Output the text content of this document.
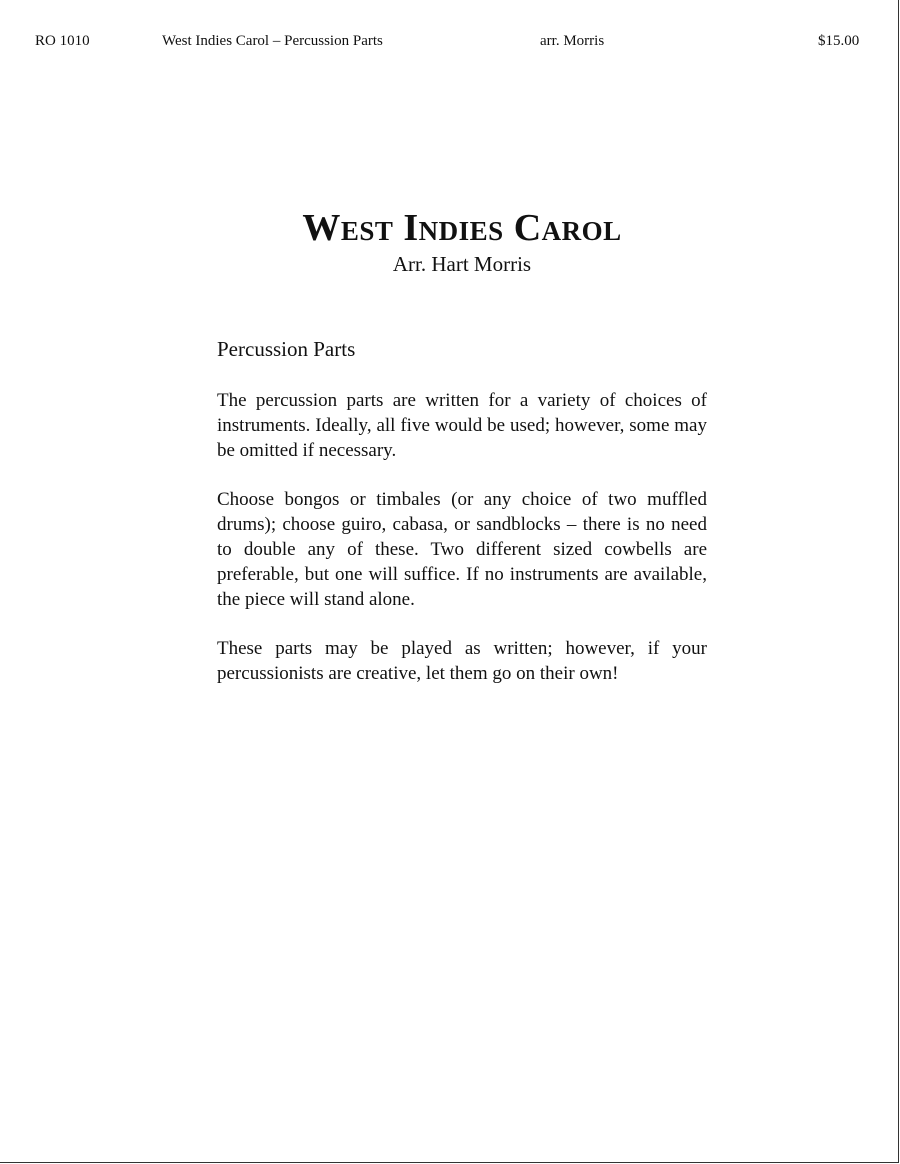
RO 1010	West Indies Carol – Percussion Parts	arr. Morris	$15.00
West Indies Carol
Arr. Hart Morris
Percussion Parts

The percussion parts are written for a variety of choices of instruments. Ideally, all five would be used; however, some may be omitted if necessary.

Choose bongos or timbales (or any choice of two muffled drums); choose guiro, cabasa, or sandblocks – there is no need to double any of these. Two different sized cowbells are preferable, but one will suffice. If no instruments are available, the piece will stand alone.

These parts may be played as written; however, if your percussionists are creative, let them go on their own!
